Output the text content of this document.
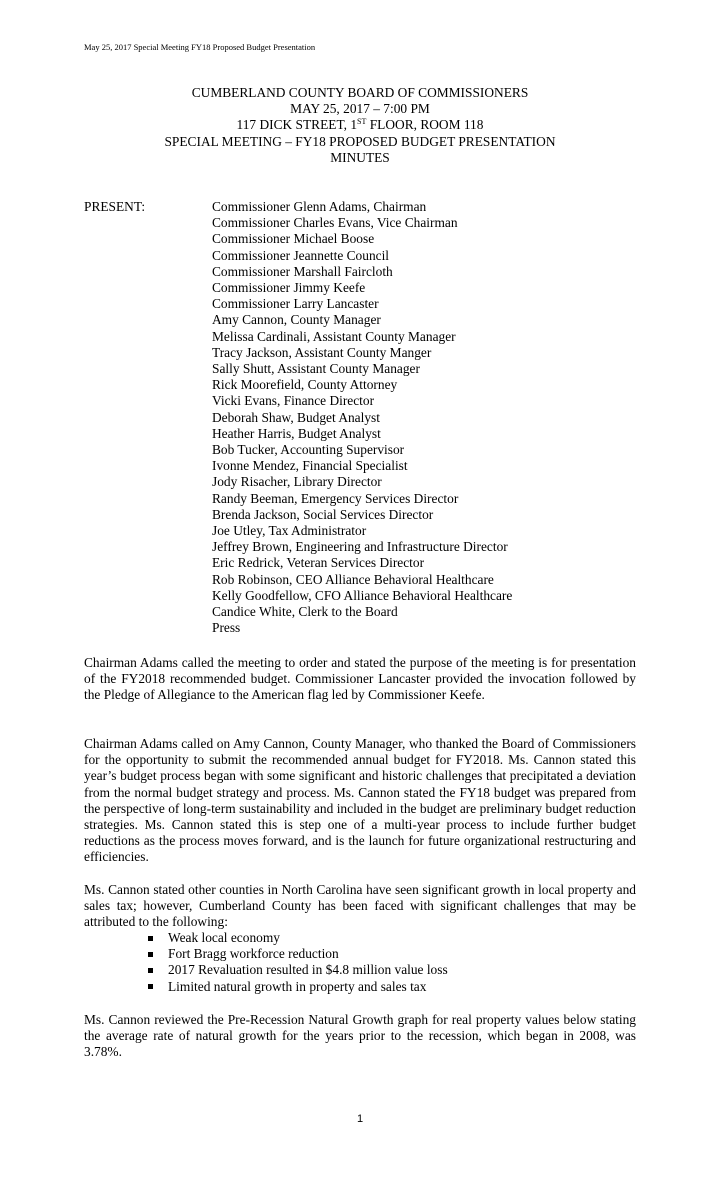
May 25, 2017 Special Meeting FY18 Proposed Budget Presentation
CUMBERLAND COUNTY BOARD OF COMMISSIONERS
MAY 25, 2017 – 7:00 PM
117 DICK STREET, 1ST FLOOR, ROOM 118
SPECIAL MEETING – FY18 PROPOSED BUDGET PRESENTATION
MINUTES
PRESENT:	Commissioner Glenn Adams, Chairman
Commissioner Charles Evans, Vice Chairman
Commissioner Michael Boose
Commissioner Jeannette Council
Commissioner Marshall Faircloth
Commissioner Jimmy Keefe
Commissioner Larry Lancaster
Amy Cannon, County Manager
Melissa Cardinali, Assistant County Manager
Tracy Jackson, Assistant County Manger
Sally Shutt, Assistant County Manager
Rick Moorefield, County Attorney
Vicki Evans, Finance Director
Deborah Shaw, Budget Analyst
Heather Harris, Budget Analyst
Bob Tucker, Accounting Supervisor
Ivonne Mendez, Financial Specialist
Jody Risacher, Library Director
Randy Beeman, Emergency Services Director
Brenda Jackson, Social Services Director
Joe Utley, Tax Administrator
Jeffrey Brown, Engineering and Infrastructure Director
Eric Redrick, Veteran Services Director
Rob Robinson, CEO Alliance Behavioral Healthcare
Kelly Goodfellow, CFO Alliance Behavioral Healthcare
Candice White, Clerk to the Board
Press

Chairman Adams called the meeting to order and stated the purpose of the meeting is for presentation of the FY2018 recommended budget. Commissioner Lancaster provided the invocation followed by the Pledge of Allegiance to the American flag led by Commissioner Keefe.

Chairman Adams called on Amy Cannon, County Manager, who thanked the Board of Commissioners for the opportunity to submit the recommended annual budget for FY2018. Ms. Cannon stated this year’s budget process began with some significant and historic challenges that precipitated a deviation from the normal budget strategy and process. Ms. Cannon stated the FY18 budget was prepared from the perspective of long-term sustainability and included in the budget are preliminary budget reduction strategies. Ms. Cannon stated this is step one of a multi-year process to include further budget reductions as the process moves forward, and is the launch for future organizational restructuring and efficiencies.

Ms. Cannon stated other counties in North Carolina have seen significant growth in local property and sales tax; however, Cumberland County has been faced with significant challenges that may be attributed to the following:

Weak local economy
Fort Bragg workforce reduction
2017 Revaluation resulted in $4.8 million value loss
Limited natural growth in property and sales tax

Ms. Cannon reviewed the Pre-Recession Natural Growth graph for real property values below stating the average rate of natural growth for the years prior to the recession, which began in 2008, was 3.78%.

1
